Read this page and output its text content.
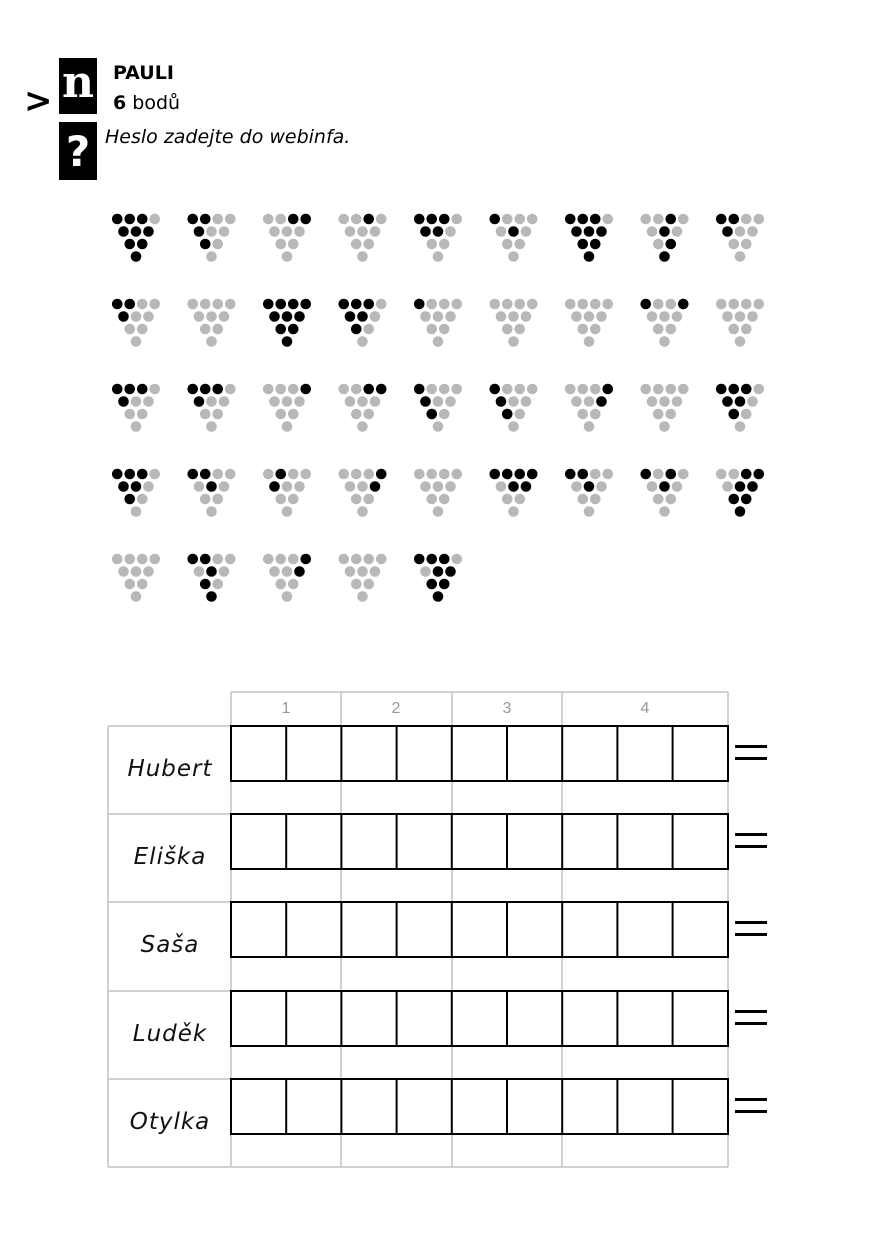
> n
?
PAULI
6 bodů
Heslo zadejte do webinfa.
1	2	3	4
Hubert
Eliška
Saša
Luděk
Otylka
